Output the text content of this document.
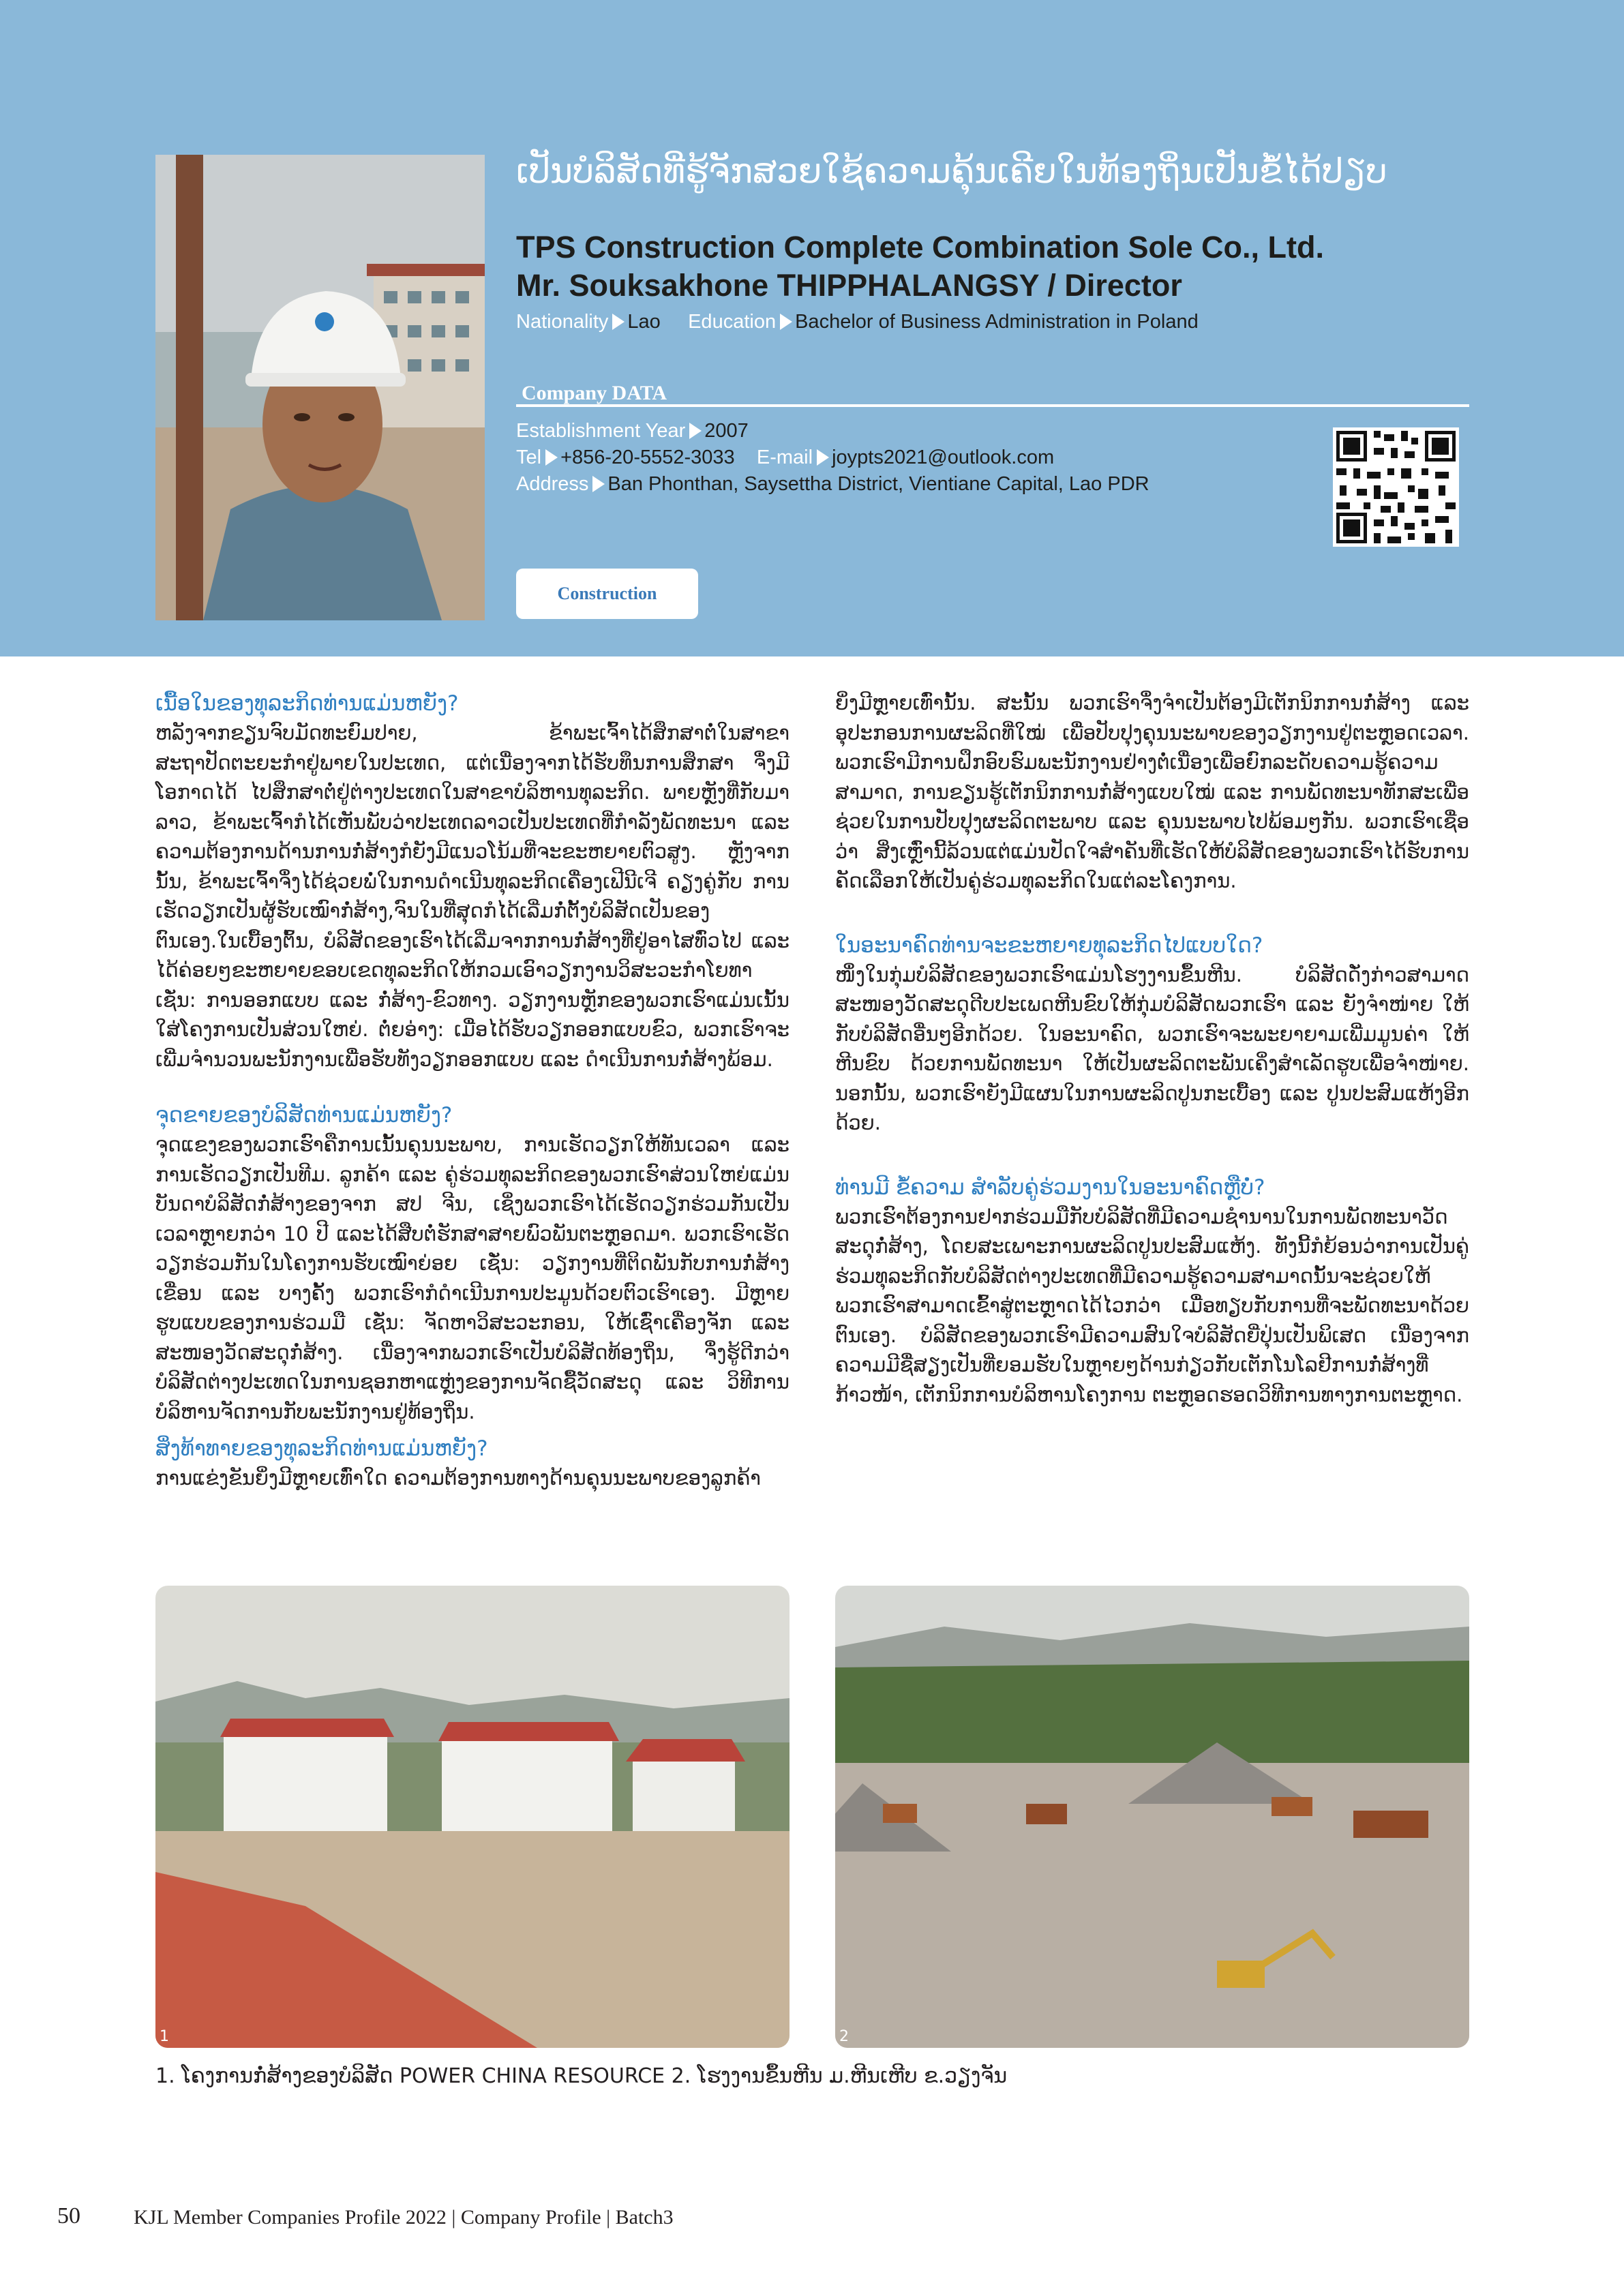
ເປັນບໍລິສັດທີ່ຮູ້ຈັກສວຍໃຊ້ຄວາມຄຸ້ນເຄີຍໃນທ້ອງຖິ່ນເປັນຂໍ້ໄດ້ປຽບ
TPS Construction Complete Combination Sole Co., Ltd.
Mr. Souksakhone THIPPHALANGSY / Director
Nationality Lao Education Bachelor of Business Administration in Poland
Company DATA
Establishment Year 2007
Tel +856-20-5552-3033 E-mail joypts2021@outlook.com
Address Ban Phonthan, Saysettha District, Vientiane Capital, Lao PDR
Construction
ເນື້ອໃນຂອງທຸລະກິດທ່ານແມ່ນຫຍັງ?

ຫລັງຈາກຂຽນຈົບມັດທະຍົມປາຍ, ຂ້າພະເຈົ້າໄດ້ສຶກສາຕໍ່ໃນສາຂາສະຖາປັດຕະຍະກຳຢູ່ພາຍໃນປະເທດ, ແຕ່ເນື່ອງຈາກໄດ້ຮັບທຶນການສຶກສາ ຈຶ່ງມີໂອກາດໄດ້ ໄປສຶກສາຕໍ່ຢູ່ຕ່າງປະເທດໃນສາຂາບໍລິຫານທຸລະກິດ. ພາຍຫຼັງທີ່ກັບມາລາວ, ຂ້າພະເຈົ້າກໍໄດ້ເຫັນພັບວ່າປະເທດລາວເປັນປະເທດທີ່ກຳລັງພັດທະນາ ແລະ ຄວາມຕ້ອງການດ້ານການກໍ່ສ້າງກໍຍັງມີແນວໂນ້ມທີ່ຈະຂະຫຍາຍຕົວສູງ. ຫຼັງຈາກນັ້ນ, ຂ້າພະເຈົ້າຈຶ່ງໄດ້ຊ່ວຍພໍ່ໃນການດຳເນີນທຸລະກິດເຄື່ອງເຟີນີເຈີ ຄຽງຄູ່ກັບ ການເຮັດວຽກເປັນຜູ້ຮັບເໝົາກໍ່ສ້າງ,ຈົນໃນທີ່ສຸດກໍໄດ້ເລີ່ມກໍ່ຕັ້ງບໍລິສັດເປັນຂອງຕົນເອງ.ໃນເບື້ອງຕົ້ນ, ບໍລິສັດຂອງເຮົາໄດ້ເລີ່ມຈາກການກໍ່ສ້າງທີ່ຢູ່ອາໄສທົ່ວໄປ ແລະ ໄດ້ຄ່ອຍໆຂະຫຍາຍຂອບເຂດທຸລະກິດໃຫ້ກວມເອົາວຽກງານວິສະວະກຳໂຍທາ ເຊັ່ນ: ການອອກແບບ ແລະ ກໍ່ສ້າງ-ຂົວທາງ. ວຽກງານຫຼັກຂອງພວກເຮົາແມ່ນເນັ້ນ ໃສ່ໂຄງການເປັນສ່ວນໃຫຍ່. ຕໍ່ຍອ່າງ: ເມື່ອໄດ້ຮັບວຽກອອກແບບຂົວ, ພວກເຮົາຈະເພີ່ມຈຳນວນພະນັກງານເພື່ອຮັບທັງວຽກອອກແບບ ແລະ ດຳເນີນການກໍ່ສ້າງພ້ອມ.

ຈຸດຂາຍຂອງບໍລິສັດທ່ານແມ່ນຫຍັງ?

ຈຸດແຂງຂອງພວກເຮົາຄືການເນັ້ນຄຸນນະພາບ, ການເຮັດວຽກໃຫ້ທັນເວລາ ແລະການເຮັດວຽກເປັນທີມ. ລູກຄ້າ ແລະ ຄູ່ຮ່ວມທຸລະກິດຂອງພວກເຮົາສ່ວນໃຫຍ່ແມ່ນບັນດາບໍລິສັດກໍ່ສ້າງຂອງຈາກ ສປ ຈີນ, ເຊິ່ງພວກເຮົາໄດ້ເຮັດວຽກຮ່ວມກັນເປັນເວລາຫຼາຍກວ່າ 10 ປີ ແລະໄດ້ສືບຕໍ່ຮັກສາສາຍພົວພັນຕະຫຼອດມາ. ພວກເຮົາເຮັດວຽກຮ່ວມກັນໃນໂຄງການຮັບເໝົາຍ່ອຍ ເຊັ່ນ: ວຽກງານທີ່ຕິດພັນກັບການກໍ່ສ້າງເຂື່ອນ ແລະ ບາງຄັ້ງ ພວກເຮົາກໍດຳເນີນການປະມູນດ້ວຍຕົວເຮົາເອງ. ມີຫຼາຍຮູບແບບຂອງການຮ່ວມມື ເຊັ່ນ: ຈັດຫາວິສະວະກອນ, ໃຫ້ເຊົ່າເຄື່ອງຈັກ ແລະ ສະໜອງວັດສະດຸກໍ່ສ້າງ. ເນື່ອງຈາກພວກເຮົາເປັນບໍລິສັດທ້ອງຖິ່ນ, ຈຶ່ງຮູ້ດີກວ່າບໍລິສັດຕ່າງປະເທດໃນການຊອກຫາແຫຼ່ງຂອງການຈັດຊື້ວັດສະດຸ ແລະ ວິທີການບໍລິຫານຈັດການກັບພະນັກງານຢູ່ທ້ອງຖິ່ນ.

ສິ່ງທ້າທາຍຂອງທຸລະກິດທ່ານແມ່ນຫຍັງ?

ການແຂ່ງຂັນຍິ່ງມີຫຼາຍເທົ່າໃດ ຄວາມຕ້ອງການທາງດ້ານຄຸນນະພາບຂອງລູກຄ້າ

ຍິ່ງມີຫຼາຍເທົ່ານັ້ນ. ສະນັ້ນ ພວກເຮົາຈຶ່ງຈຳເປັນຕ້ອງມີເຕັກນິກການກໍ່ສ້າງ ແລະ ອຸປະກອນການຜະລິດທີ່ໃໝ່ ເພື່ອປັບປຸງຄຸນນະພາບຂອງວຽກງານຢູ່ຕະຫຼອດເວລາ. ພວກເຮົາມີການຝຶກອົບຮົມພະນັກງານຢ່າງຕໍ່ເນື່ອງເພື່ອຍົກລະດັບຄວາມຮູ້ຄວາມສາມາດ, ການຂຽນຮູ້ເຕັກນິກການກໍ່ສ້າງແບບໃໝ່ ແລະ ການພັດທະນາທັກສະເພື່ອຊ່ວຍໃນການປັບປຸງຜະລິດຕະພາບ ແລະ ຄຸນນະພາບໄປພ້ອມໆກັນ. ພວກເຮົາເຊື່ອວ່າ ສິ່ງເຫຼົ່ານີ້ລ້ວນແຕ່ແມ່ນປັດໃຈສຳຄັນທີ່ເຮັດໃຫ້ບໍລິສັດຂອງພວກເຮົາໄດ້ຮັບການຄັດເລືອກໃຫ້ເປັນຄູ່ຮ່ວມທຸລະກິດໃນແຕ່ລະໂຄງການ.

ໃນອະນາຄົດທ່ານຈະຂະຫຍາຍທຸລະກິດໄປແບບໃດ?

ໜຶ່ງໃນກຸ່ມບໍລິສັດຂອງພວກເຮົາແມ່ນໂຮງງານຂຶ້ນຫີນ. ບໍລິສັດດັ່ງກ່າວສາມາດສະໜອງວັດສະດຸດີບປະເພດຫີນຂົບໃຫ້ກຸ່ມບໍລິສັດພວກເຮົາ ແລະ ຍັງຈຳໜ່າຍ ໃຫ້ກັບບໍລິສັດອື່ນໆອີກດ້ວຍ. ໃນອະນາຄົດ, ພວກເຮົາຈະພະຍາຍາມເພີ່ມມູນຄ່າ ໃຫ້ຫີນຂົບ ດ້ວຍການພັດທະນາ ໃຫ້ເປັນຜະລິດຕະພັນເຄິ່ງສຳເລັດຮູບເພື່ອຈຳໜ່າຍ. ນອກນັ້ນ, ພວກເຮົາຍັງມີແຜນໃນການຜະລິດປູນກະເບື້ອງ ແລະ ປູນປະສົມແຫ້ງອີກດ້ວຍ.

ທ່ານມີ ຂໍ້ຄວາມ ສຳລັບຄູ່ຮ່ວມງານໃນອະນາຄົດຫຼືບໍ່?

ພວກເຮົາຕ້ອງການຢາກຮ່ວມມືກັບບໍລິສັດທີ່ມີຄວາມຊຳນານໃນການພັດທະນາວັດສະດຸກໍ່ສ້າງ, ໂດຍສະເພາະການຜະລິດປູນປະສົມແຫ້ງ. ທັງນີ້ກໍຍ້ອນວ່າການເປັນຄູ່ຮ່ວມທຸລະກິດກັບບໍລິສັດຕ່າງປະເທດທີ່ມີຄວາມຮູ້ຄວາມສາມາດນັ້ນຈະຊ່ວຍໃຫ້ພວກເຮົາສາມາດເຂົ້າສູ່ຕະຫຼາດໄດ້ໄວກວ່າ ເມື່ອທຽບກັບການທີ່ຈະພັດທະນາດ້ວຍຕົນເອງ. ບໍລິສັດຂອງພວກເຮົາມີຄວາມສົນໃຈບໍລິສັດຍີ່ປຸ່ນເປັນພິເສດ ເນື່ອງຈາກຄວາມມີຊື່ສຽງເປັນທີ່ຍອມຮັບໃນຫຼາຍໆດ້ານກ່ຽວກັບເຕັກໂນໂລຢີການກໍ່ສ້າງທີ່ກ້າວໜ້າ, ເຕັກນິກການບໍລິຫານໂຄງການ ຕະຫຼອດຮອດວິທີການທາງການຕະຫຼາດ.

1	2
1. ໂຄງການກໍ່ສ້າງຂອງບໍລິສັດ POWER CHINA RESOURCE 2. ໂຮງງານຂຶ້ນຫີນ ມ.ຫີນເຫີບ ຂ.ວຽງຈັນ
50	KJL Member Companies Profile 2022 | Company Profile | Batch3
